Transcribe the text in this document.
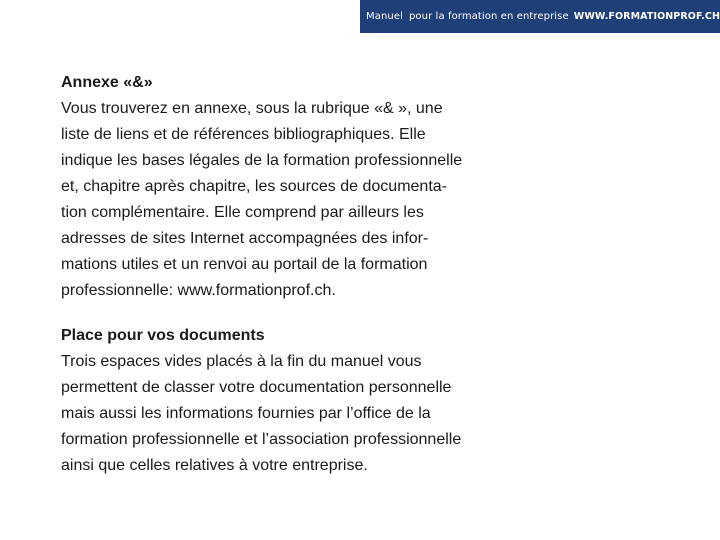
Manuel pour la formation en entreprise WWW.FORMATIONPROF.CH

Annexe «&»

Vous trouverez en annexe, sous la rubrique «& », une

liste de liens et de références bibliographiques. Elle

indique les bases légales de la formation professionnelle

et, chapitre après chapitre, les sources de documenta-

tion complémentaire. Elle comprend par ailleurs les

adresses de sites Internet accompagnées des infor-

mations utiles et un renvoi au portail de la formation

professionnelle: www.formationprof.ch.

Place pour vos documents

Trois espaces vides placés à la fin du manuel vous

permettent de classer votre documentation personnelle

mais aussi les informations fournies par l’office de la

formation professionnelle et l’association professionnelle

ainsi que celles relatives à votre entreprise.
